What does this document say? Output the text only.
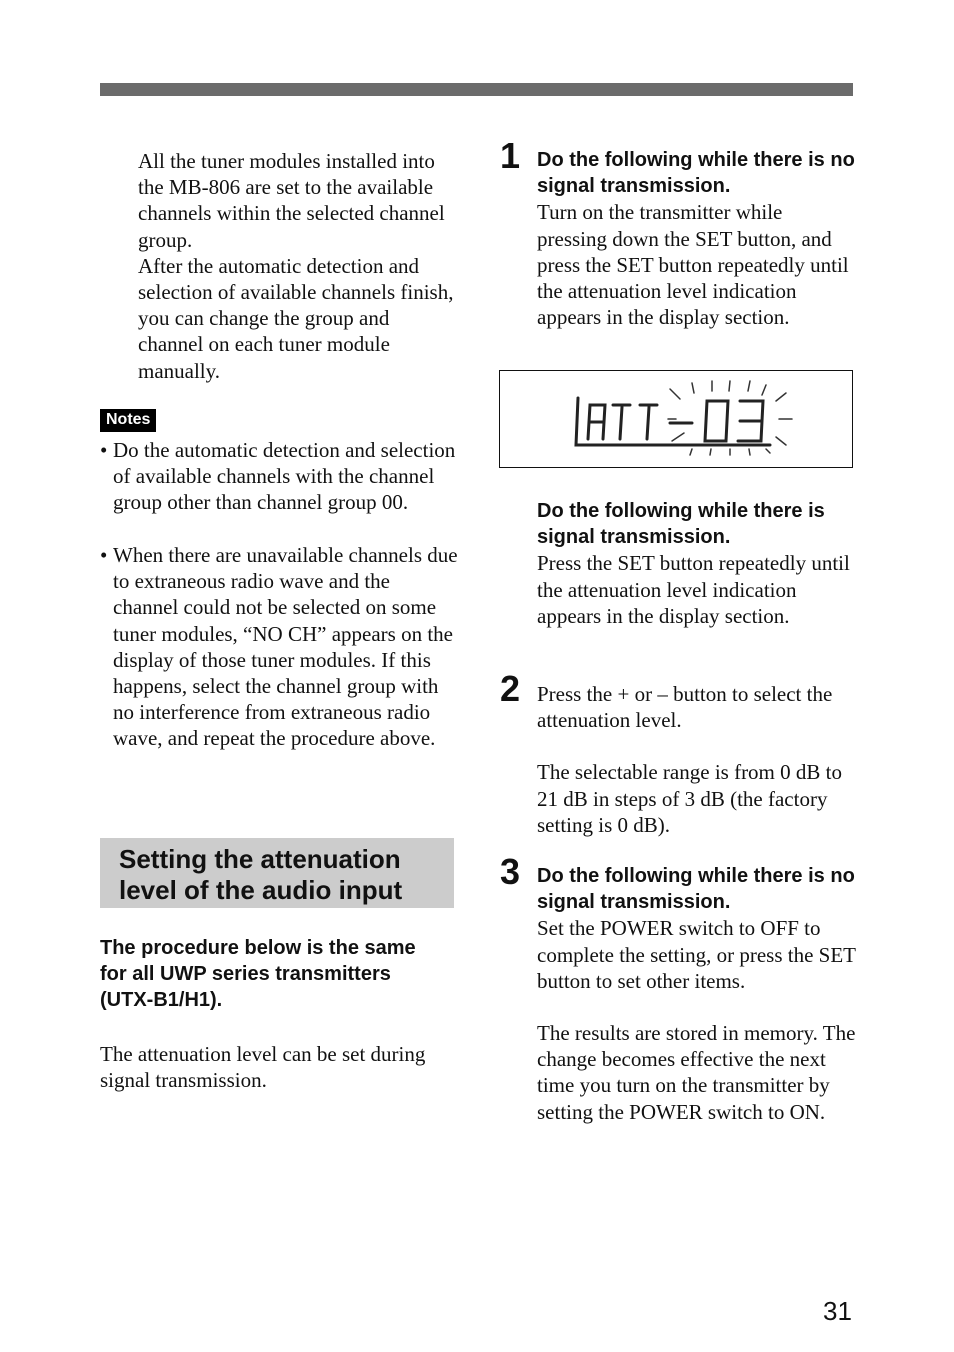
All the tuner modules installed into the MB-806 are set to the available channels within the selected channel group.

After the automatic detection and selection of available channels finish, you can change the group and channel on each tuner module manually.

Notes
• Do the automatic detection and selection of available channels with the channel group other than channel group 00.
• When there are unavailable channels due to extraneous radio wave and the channel could not be selected on some tuner modules, “NO CH” appears on the display of those tuner modules. If this happens, select the channel group with no interference from extraneous radio wave, and repeat the procedure above.
Setting the attenuation level of the audio input
The procedure below is the same for all UWP series transmitters (UTX-B1/H1).
The attenuation level can be set during signal transmission.
1 Do the following while there is no signal transmission.
Turn on the transmitter while pressing down the SET button, and press the SET button repeatedly until the attenuation level indication appears in the display section.
Do the following while there is signal transmission.
Press the SET button repeatedly until the attenuation level indication appears in the display section.
2 Press the + or – button to select the attenuation level.

The selectable range is from 0 dB to 21 dB in steps of 3 dB (the factory setting is 0 dB).

3 Do the following while there is no signal transmission.
Set the POWER switch to OFF to complete the setting, or press the SET button to set other items.
The results are stored in memory. The change becomes effective the next time you turn on the transmitter by setting the POWER switch to ON.
31
